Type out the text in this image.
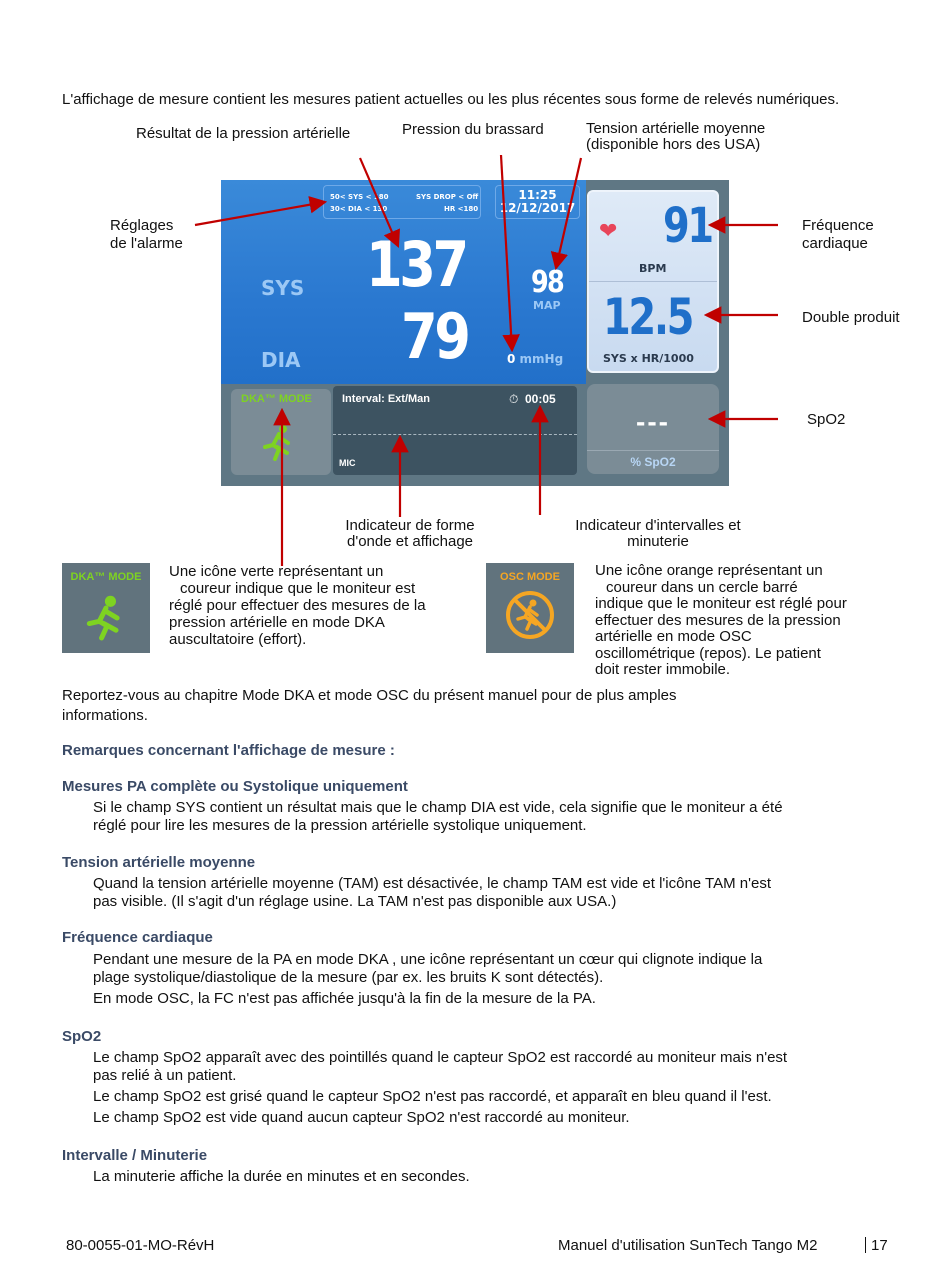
L'affichage de mesure contient les mesures patient actuelles ou les plus récentes sous forme de relevés numériques.
Résultat de la pression artérielle	Pression du brassard	Tension artérielle moyenne
(disponible hors des USA)
Réglages
de l'alarme
Fréquence
cardiaque
Double produit
SpO2
Indicateur de forme
d'onde et affichage
Indicateur d'intervalles et
minuterie
50< SYS < 180
30< DIA < 130
SYS DROP < Off
HR <180
11:25
12/12/2017
SYS
DIA
137
79
98
MAP
0 mmHg
❤ 91
BPM
12.5
SYS x HR/1000
DKA™ MODE	Interval: Ext/Man	⏱ 00:05
MIC
---
% SpO2
DKA™ MODE	Une icône verte représentant un
coureur indique que le moniteur est
réglé pour effectuer des mesures de la
pression artérielle en mode DKA
auscultatoire (effort).
OSC MODE	Une icône orange représentant un
coureur dans un cercle barré
indique que le moniteur est réglé pour
effectuer des mesures de la pression
artérielle en mode OSC
oscillométrique (repos). Le patient
doit rester immobile.
Reportez-vous au chapitre Mode DKA et mode OSC du présent manuel pour de plus amples
informations.
Remarques concernant l'affichage de mesure :
Mesures PA complète ou Systolique uniquement
Si le champ SYS contient un résultat mais que le champ DIA est vide, cela signifie que le moniteur a été
réglé pour lire les mesures de la pression artérielle systolique uniquement.
Tension artérielle moyenne
Quand la tension artérielle moyenne (TAM) est désactivée, le champ TAM est vide et l'icône TAM n'est
pas visible. (Il s'agit d'un réglage usine. La TAM n'est pas disponible aux USA.)
Fréquence cardiaque
Pendant une mesure de la PA en mode DKA , une icône représentant un cœur qui clignote indique la
plage systolique/diastolique de la mesure (par ex. les bruits K sont détectés).
En mode OSC, la FC n'est pas affichée jusqu'à la fin de la mesure de la PA.
SpO2
Le champ SpO2 apparaît avec des pointillés quand le capteur SpO2 est raccordé au moniteur mais n'est
pas relié à un patient.
Le champ SpO2 est grisé quand le capteur SpO2 n'est pas raccordé, et apparaît en bleu quand il l'est.
Le champ SpO2 est vide quand aucun capteur SpO2 n'est raccordé au moniteur.
Intervalle / Minuterie
La minuterie affiche la durée en minutes et en secondes.
80-0055-01-MO-RévH	Manuel d'utilisation SunTech Tango M2	17
